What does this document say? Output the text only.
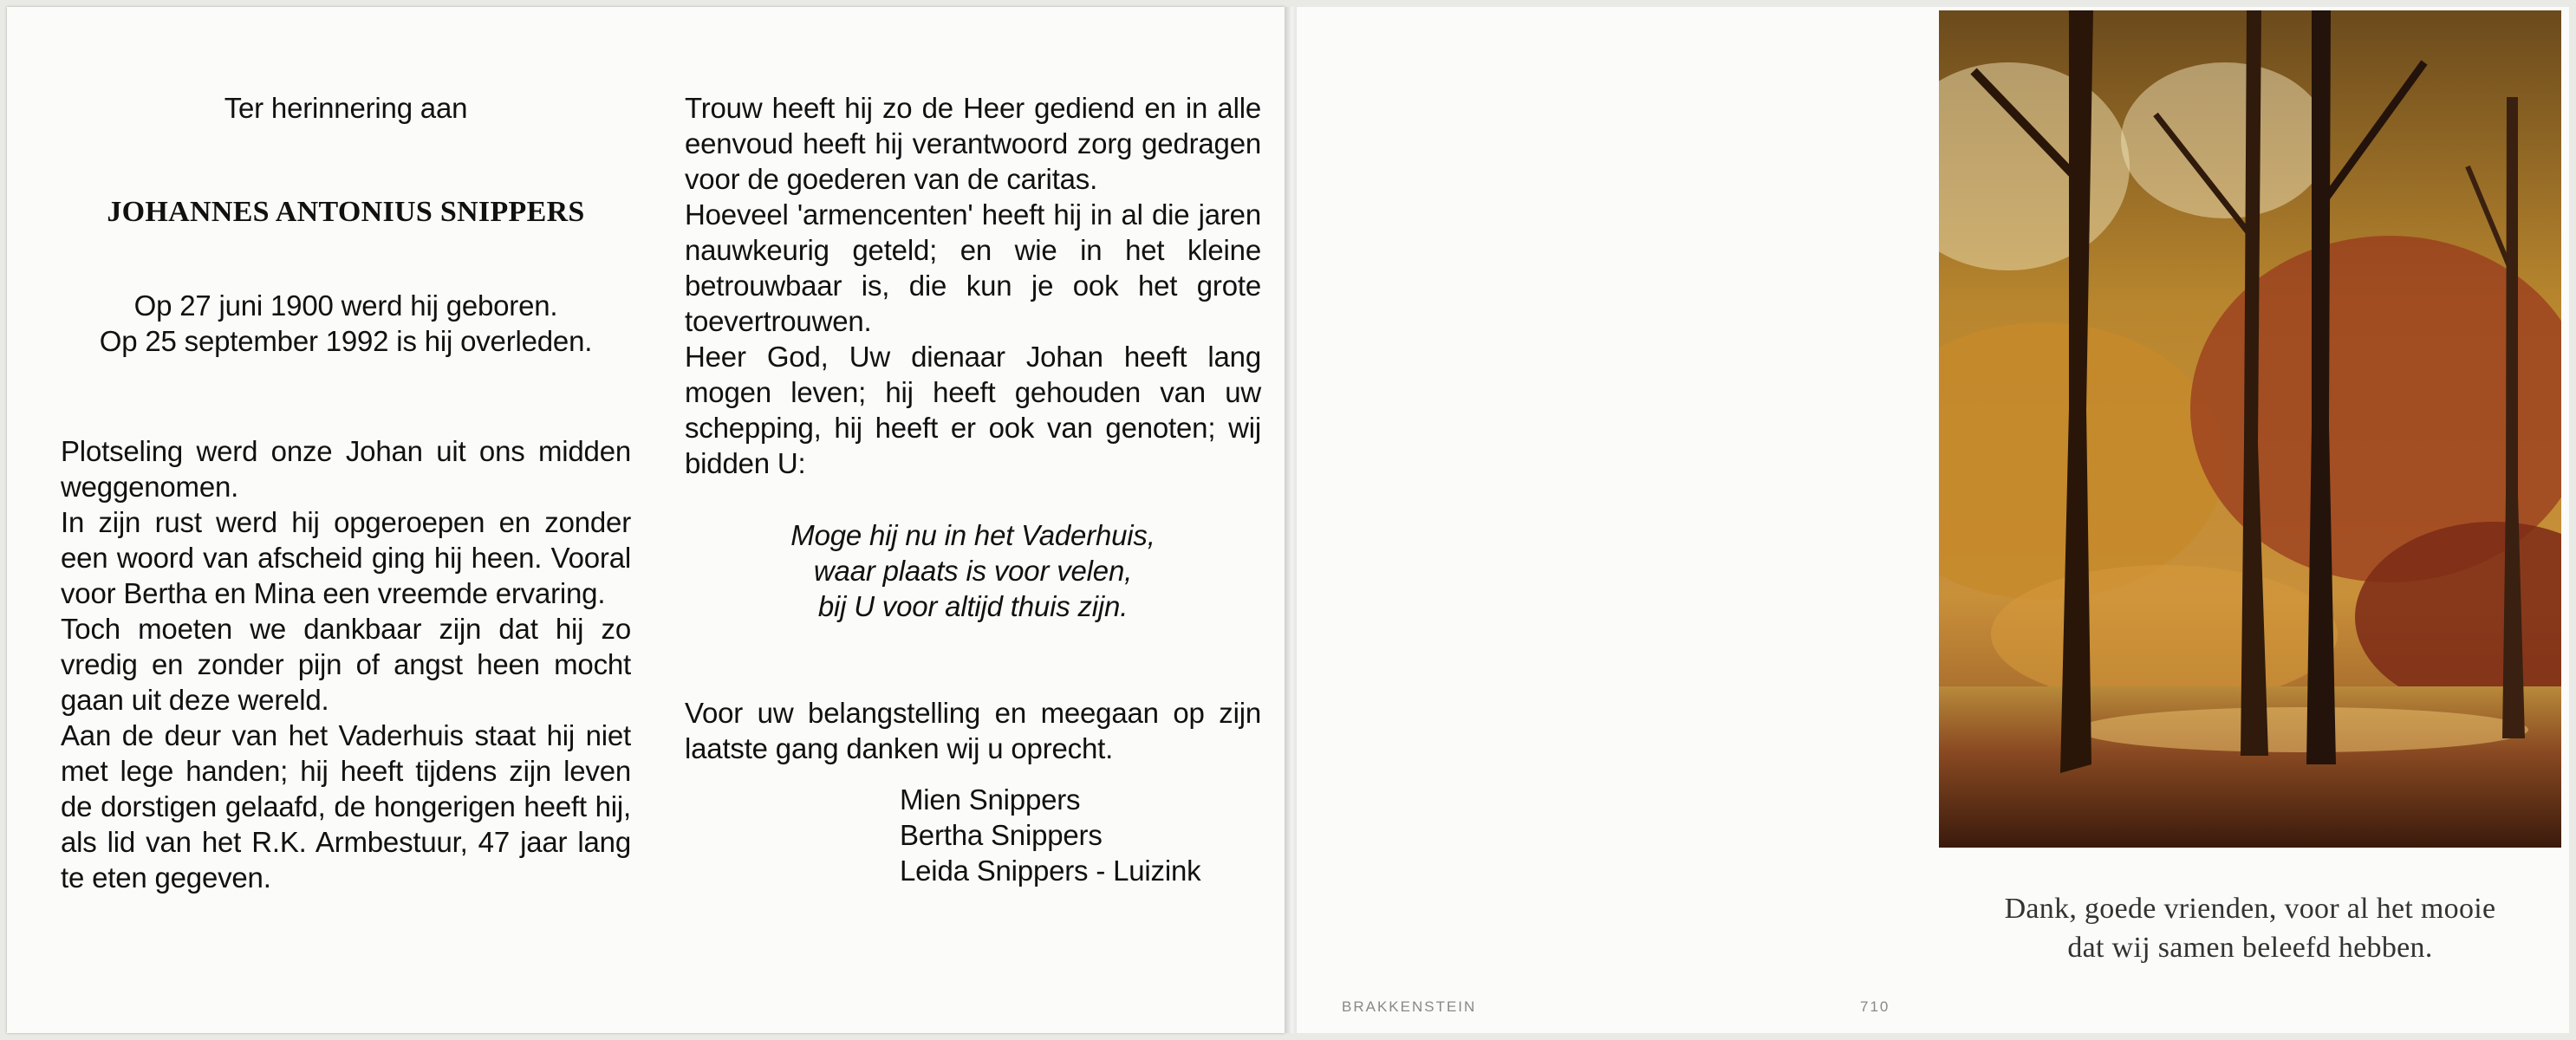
Ter herinnering aan
JOHANNES ANTONIUS SNIPPERS
Op 27 juni 1900 werd hij geboren.
Op 25 september 1992 is hij overleden.

Plotseling werd onze Johan uit ons midden weggenomen.

In zijn rust werd hij opgeroepen en zonder een woord van afscheid ging hij heen. Vooral voor Bertha en Mina een vreemde ervaring.

Toch moeten we dankbaar zijn dat hij zo vredig en zonder pijn of angst heen mocht gaan uit deze wereld.

Aan de deur van het Vaderhuis staat hij niet met lege handen; hij heeft tijdens zijn leven de dorstigen gelaafd, de hongerigen heeft hij, als lid van het R.K. Armbestuur, 47 jaar lang te eten gegeven.

Trouw heeft hij zo de Heer gediend en in alle eenvoud heeft hij verantwoord zorg gedragen voor de goederen van de caritas.

Hoeveel 'armencenten' heeft hij in al die jaren nauwkeurig geteld; en wie in het kleine betrouwbaar is, die kun je ook het grote toevertrouwen.

Heer God, Uw dienaar Johan heeft lang mogen leven; hij heeft gehouden van uw schepping, hij heeft er ook van genoten; wij bidden U:

Moge hij nu in het Vaderhuis,
waar plaats is voor velen,
bij U voor altijd thuis zijn.

Voor uw belangstelling en meegaan op zijn laatste gang danken wij u oprecht.

Mien Snippers
Bertha Snippers
Leida Snippers - Luizink
Dank, goede vrienden, voor al het mooie
dat wij samen beleefd hebben.
BRAKKENSTEIN	710
